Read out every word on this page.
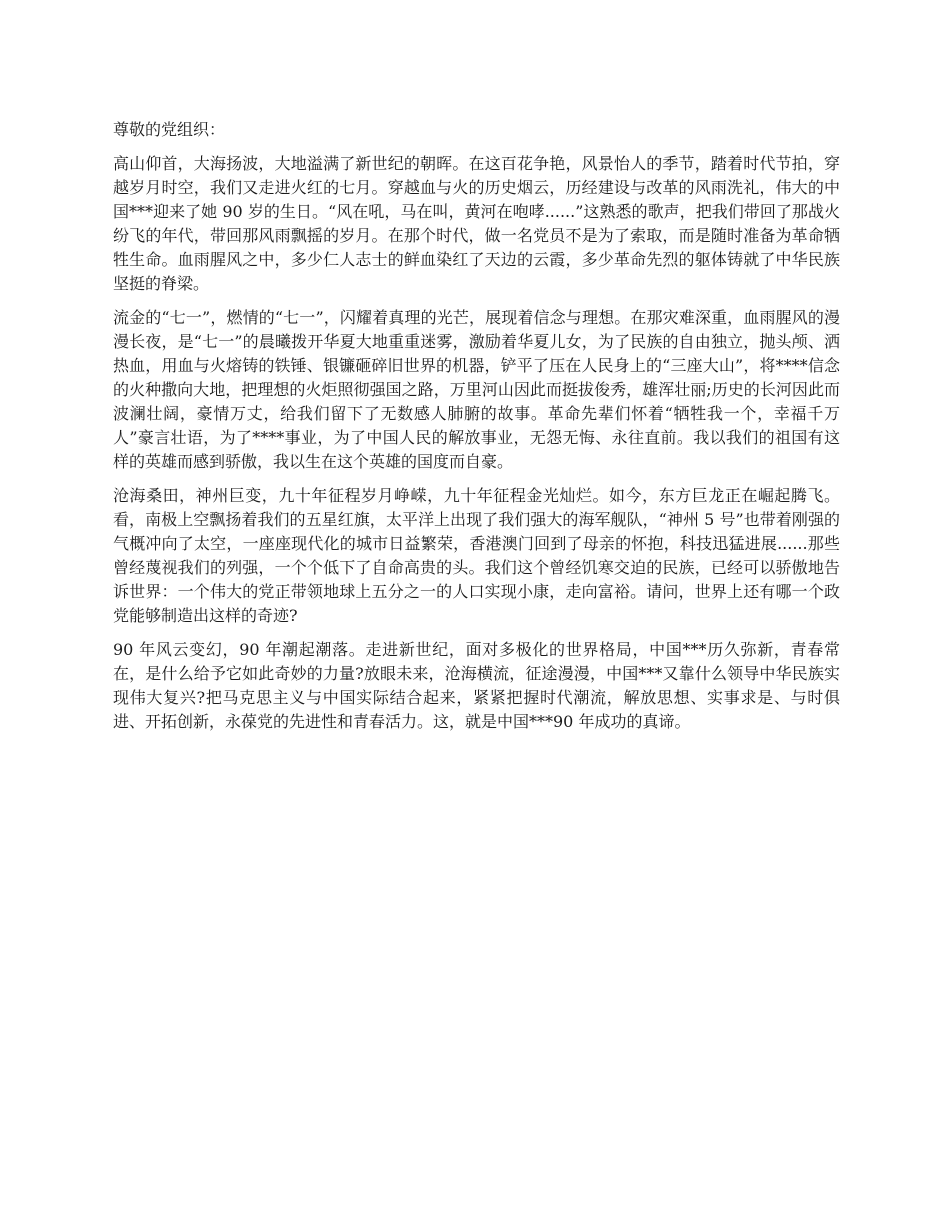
尊敬的党组织：

高山仰首，大海扬波，大地溢满了新世纪的朝晖。在这百花争艳，风景怡人的季节，踏着时代节拍，穿越岁月时空，我们又走进火红的七月。穿越血与火的历史烟云，历经建设与改革的风雨洗礼，伟大的中国***迎来了她 90 岁的生日。“风在吼，马在叫，黄河在咆哮......”这熟悉的歌声，把我们带回了那战火纷飞的年代，带回那风雨飘摇的岁月。在那个时代，做一名党员不是为了索取，而是随时准备为革命牺牲生命。血雨腥风之中，多少仁人志士的鲜血染红了天边的云霞，多少革命先烈的躯体铸就了中华民族坚挺的脊梁。

流金的“七一”，燃情的“七一”，闪耀着真理的光芒，展现着信念与理想。在那灾难深重，血雨腥风的漫漫长夜，是“七一”的晨曦拨开华夏大地重重迷雾，激励着华夏儿女，为了民族的自由独立，抛头颅、洒热血，用血与火熔铸的铁锤、银镰砸碎旧世界的机器，铲平了压在人民身上的“三座大山”，将****信念的火种撒向大地，把理想的火炬照彻强国之路，万里河山因此而挺拔俊秀，雄浑壮丽;历史的长河因此而波澜壮阔，豪情万丈，给我们留下了无数感人肺腑的故事。革命先辈们怀着“牺牲我一个，幸福千万人”豪言壮语，为了****事业，为了中国人民的解放事业，无怨无悔、永往直前。我以我们的祖国有这样的英雄而感到骄傲，我以生在这个英雄的国度而自豪。

沧海桑田，神州巨变，九十年征程岁月峥嵘，九十年征程金光灿烂。如今，东方巨龙正在崛起腾飞。看，南极上空飘扬着我们的五星红旗，太平洋上出现了我们强大的海军舰队，“神州 5 号”也带着刚强的气概冲向了太空，一座座现代化的城市日益繁荣，香港澳门回到了母亲的怀抱，科技迅猛进展......那些曾经蔑视我们的列强，一个个低下了自命高贵的头。我们这个曾经饥寒交迫的民族，已经可以骄傲地告诉世界：一个伟大的党正带领地球上五分之一的人口实现小康，走向富裕。请问，世界上还有哪一个政党能够制造出这样的奇迹?

90 年风云变幻，90 年潮起潮落。走进新世纪，面对多极化的世界格局，中国***历久弥新，青春常在，是什么给予它如此奇妙的力量?放眼未来，沧海横流，征途漫漫，中国***又靠什么领导中华民族实现伟大复兴?把马克思主义与中国实际结合起来，紧紧把握时代潮流，解放思想、实事求是、与时俱进、开拓创新，永葆党的先进性和青春活力。这，就是中国***90 年成功的真谛。
